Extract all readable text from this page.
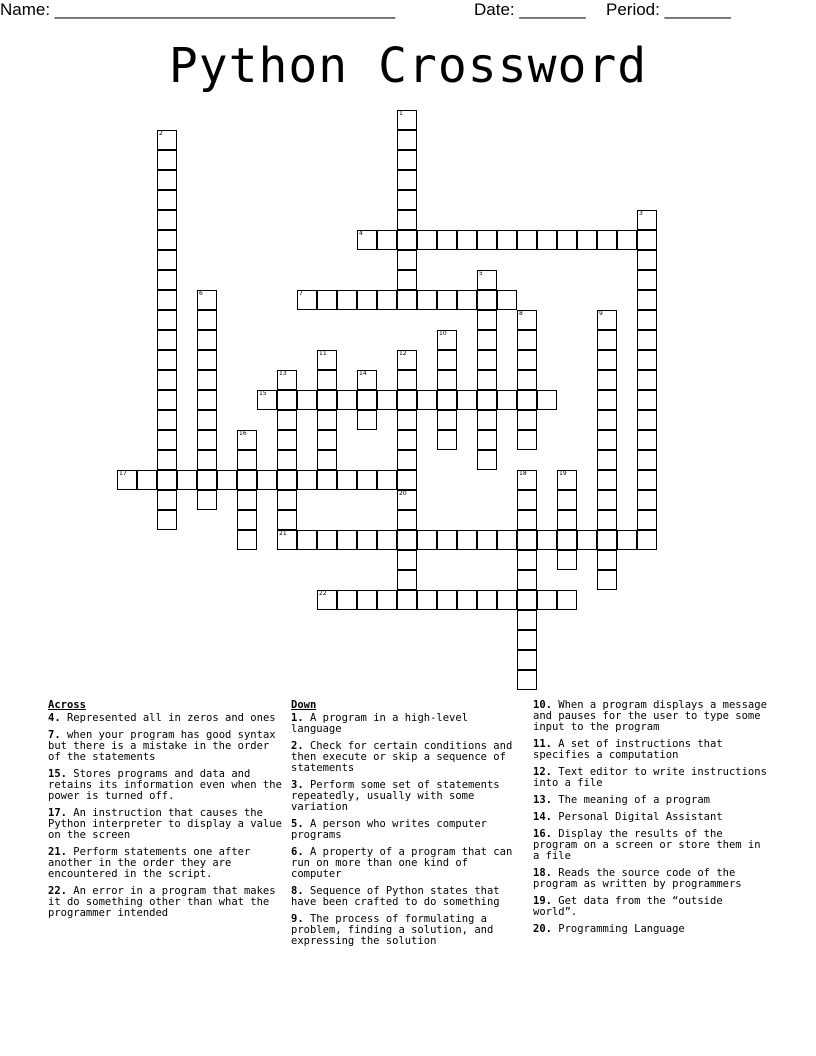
Name: ____________________________________	Date: _______ Period: _______
Python Crossword
1
2
3
4
5
6	7
8	9
10
11	12
13
21
14
15
16
17	18	19
20
22
Across
4. Represented all in zeros and ones
7. when your program has good syntax but there is a mistake in the order of the statements
15. Stores programs and data and retains its information even when the power is turned off.
17. An instruction that causes the Python interpreter to display a value on the screen
21. Perform statements one after another in the order they are encountered in the script.
22. An error in a program that makes it do something other than what the programmer intended
Down
1. A program in a high-level language
2. Check for certain conditions and then execute or skip a sequence of statements
3. Perform some set of statements repeatedly, usually with some variation
5. A person who writes computer programs
6. A property of a program that can run on more than one kind of computer
8. Sequence of Python states that have been crafted to do something
9. The process of formulating a problem, finding a solution, and expressing the solution
10. When a program displays a message and pauses for the user to type some input to the program
11. A set of instructions that specifies a computation
12. Text editor to write instructions into a file
13. The meaning of a program
14. Personal Digital Assistant
16. Display the results of the program on a screen or store them in a file
18. Reads the source code of the program as written by programmers
19. Get data from the “outside world”.
20. Programming Language
